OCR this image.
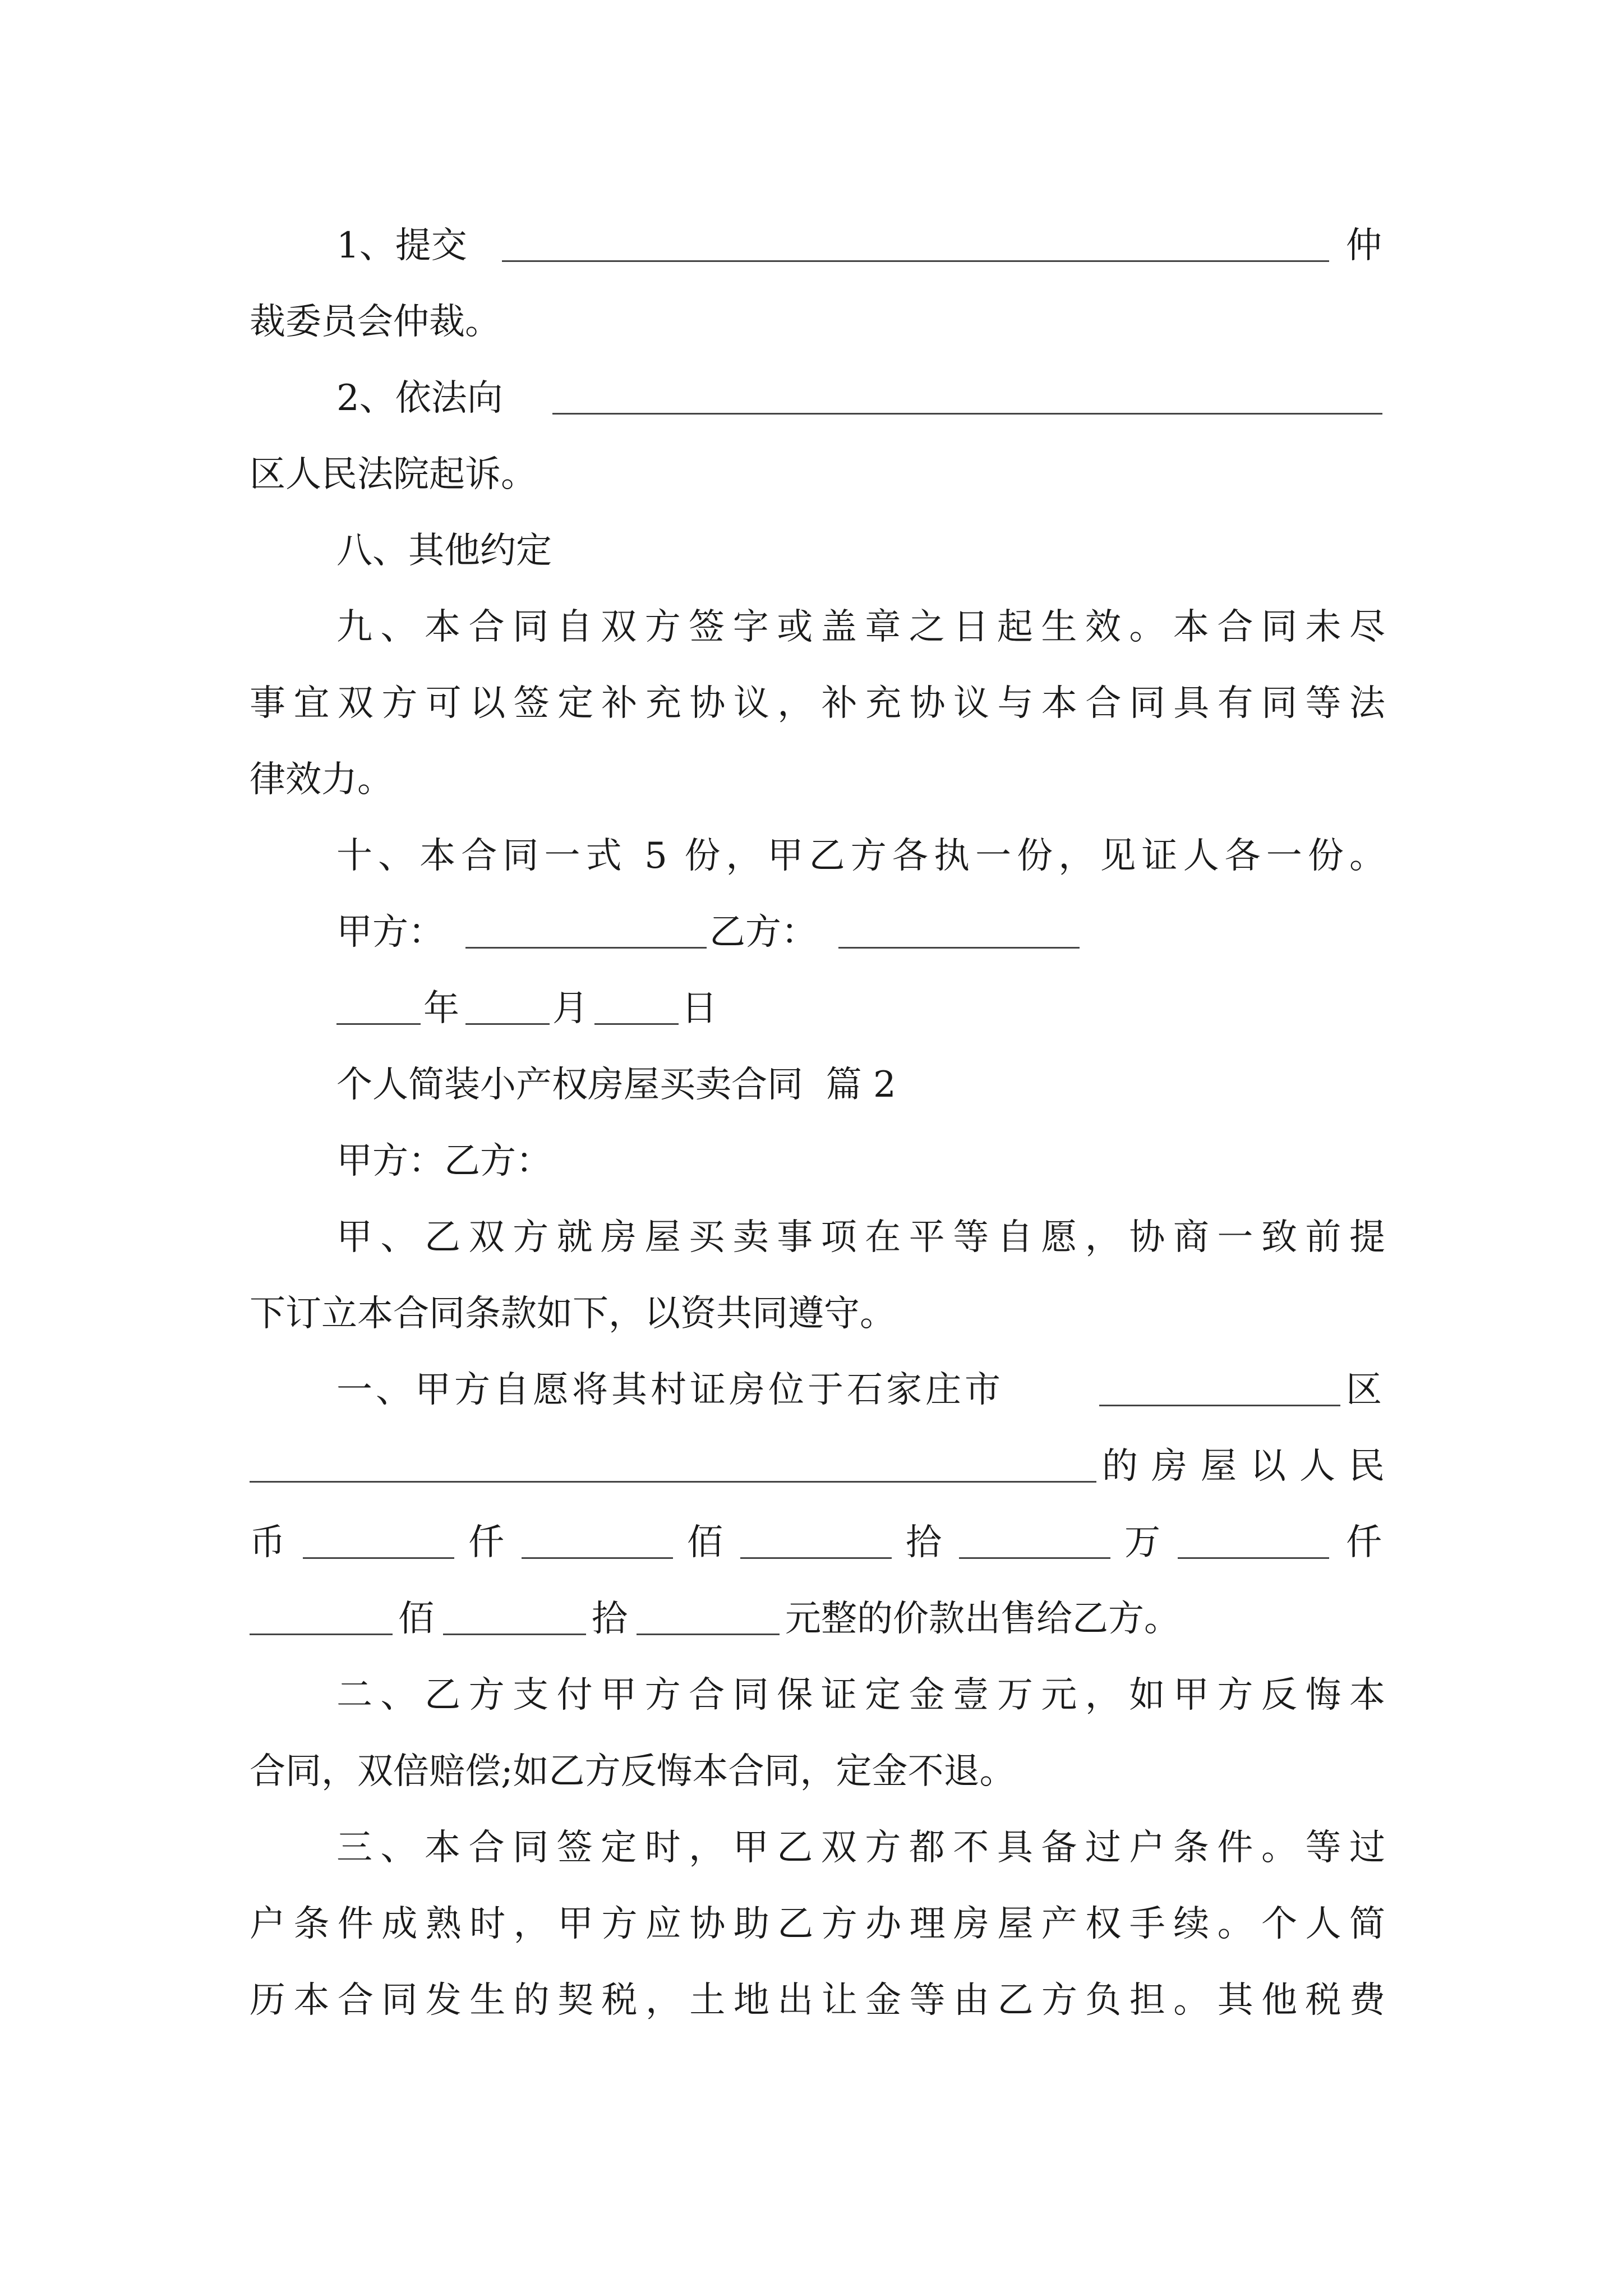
1、提交	仲
裁委员会仲裁。
2、依法向
区人民法院起诉。
八、其他约定
九、本合同自双方签字或盖章之日起生效。本合同未尽
事宜双方可以签定补充协议，补充协议与本合同具有同等法
律效力。
十、本合同一式 5 份，甲乙方各执一份，见证人各一份。
甲方：	乙方：
年	月	日
个人简装小产权房屋买卖合同  篇 2
甲方：乙方：
甲、乙双方就房屋买卖事项在平等自愿，协商一致前提
下订立本合同条款如下，以资共同遵守。
一、甲方自愿将其村证房位于石家庄市	区
的房屋以人民
币	仟	佰	拾	万	仟
佰	拾	元整的价款出售给乙方。
二、乙方支付甲方合同保证定金壹万元，如甲方反悔本
合同，双倍赔偿;如乙方反悔本合同，定金不退。
三、本合同签定时，甲乙双方都不具备过户条件。等过
户条件成熟时，甲方应协助乙方办理房屋产权手续。个人简
历本合同发生的契税，土地出让金等由乙方负担。其他税费
